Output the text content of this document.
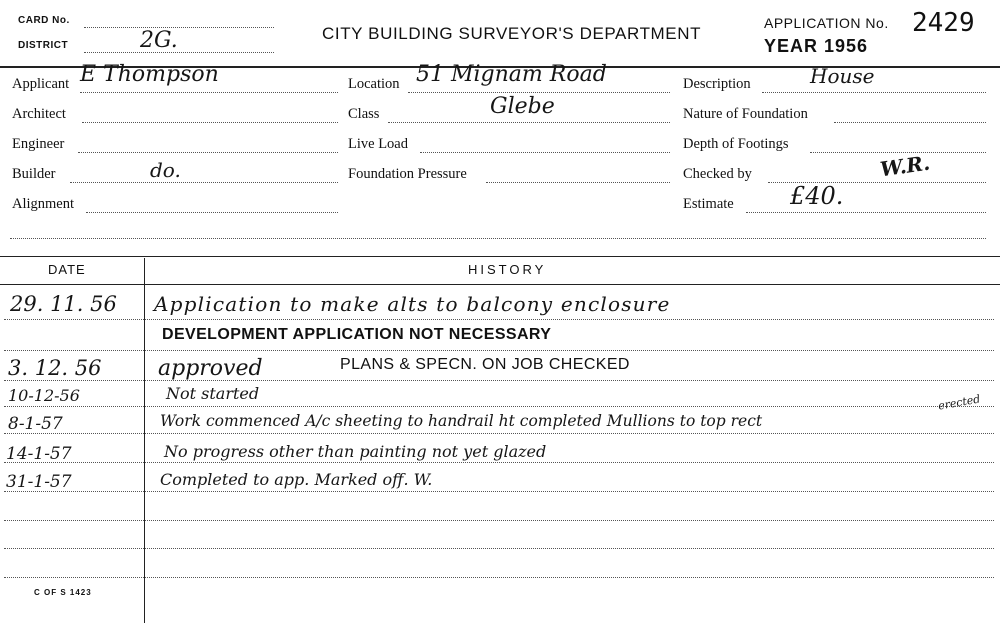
CARD No.
DISTRICT	2G.	CITY BUILDING SURVEYOR'S DEPARTMENT
APPLICATION No. 2429
YEAR 1956
Applicant E Thompson
Architect
Engineer
Builder	do.
Alignment
Location 51 Mignam Road
Class	Glebe
Live Load
Foundation Pressure
Description	House
Nature of Foundation
Depth of Footings
Checked by	W.R.
Estimate £40.
DATE	HISTORY
29. 11. 56 Application to make alts to balcony enclosure
DEVELOPMENT APPLICATION NOT NECESSARY
3. 12. 56	approved	PLANS & SPECN. ON JOB CHECKED
10-12-56	Not started
8-1-57	Work commenced A/c sheeting to handrail ht completed Mullions to top rect
erected
14-1-57	No progress other than painting not yet glazed
31-1-57	Completed to app. Marked off. W.
C OF S 1423
